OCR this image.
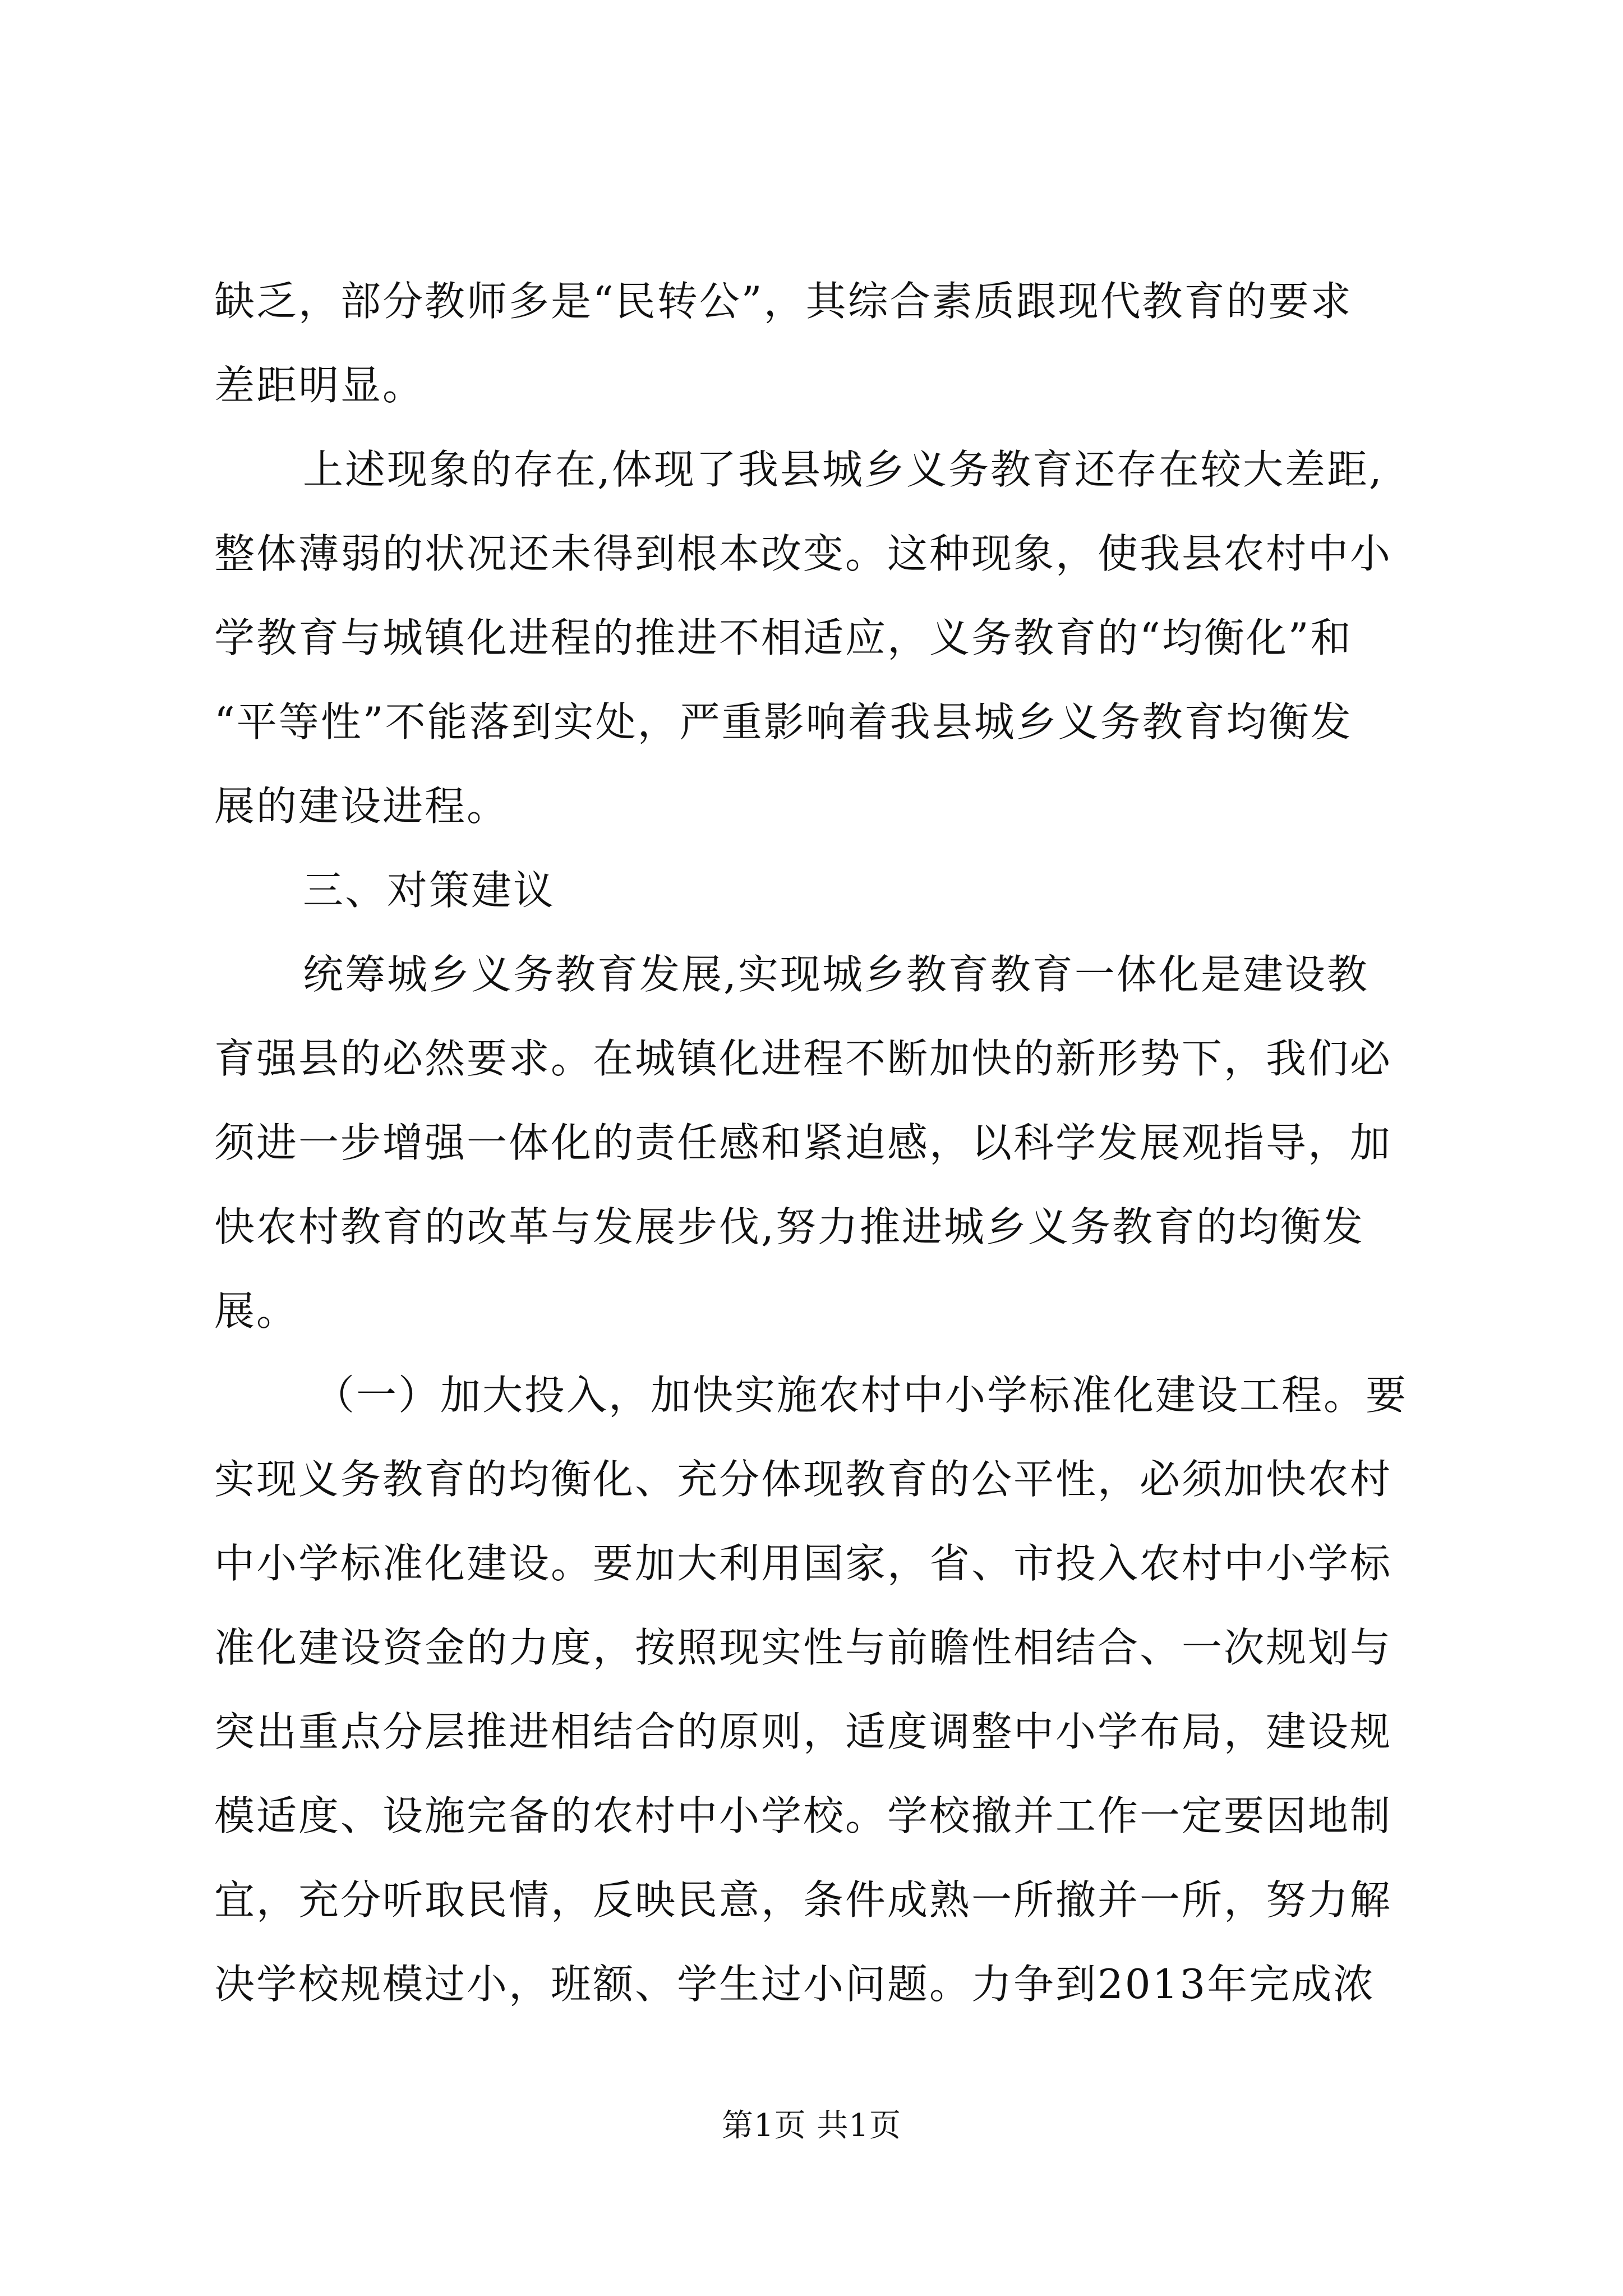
缺乏，部分教师多是“民转公”，其综合素质跟现代教育的要求
差距明显。
上述现象的存在,体现了我县城乡义务教育还存在较大差距,
整体薄弱的状况还未得到根本改变。这种现象，使我县农村中小
学教育与城镇化进程的推进不相适应，义务教育的“均衡化”和
“平等性”不能落到实处，严重影响着我县城乡义务教育均衡发
展的建设进程。
三、对策建议
统筹城乡义务教育发展,实现城乡教育教育一体化是建设教
育强县的必然要求。在城镇化进程不断加快的新形势下，我们必
须进一步增强一体化的责任感和紧迫感，以科学发展观指导，加
快农村教育的改革与发展步伐,努力推进城乡义务教育的均衡发
展。
（一）加大投入，加快实施农村中小学标准化建设工程。要
实现义务教育的均衡化、充分体现教育的公平性，必须加快农村
中小学标准化建设。要加大利用国家，省、市投入农村中小学标
准化建设资金的力度，按照现实性与前瞻性相结合、一次规划与
突出重点分层推进相结合的原则，适度调整中小学布局，建设规
模适度、设施完备的农村中小学校。学校撤并工作一定要因地制
宜，充分听取民情，反映民意，条件成熟一所撤并一所，努力解
决学校规模过小，班额、学生过小问题。力争到2013年完成浓
第1页 共1页
